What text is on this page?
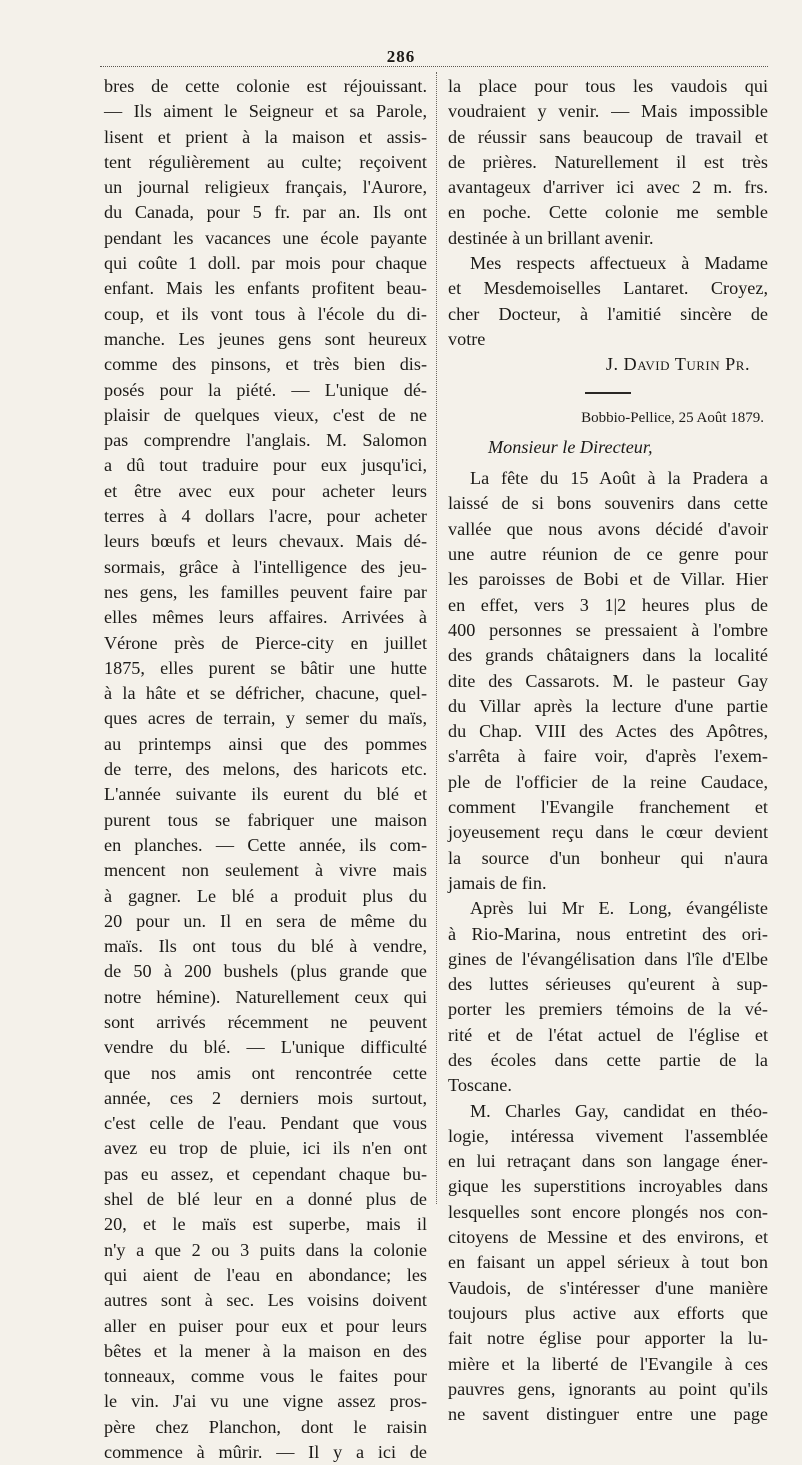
286

bres de cette colonie est réjouissant.
— Ils aiment le Seigneur et sa Parole,
lisent et prient à la maison et assis-
tent régulièrement au culte; reçoivent
un journal religieux français, l'Aurore,
du Canada, pour 5 fr. par an. Ils ont
pendant les vacances une école payante
qui coûte 1 doll. par mois pour chaque
enfant. Mais les enfants profitent beau-
coup, et ils vont tous à l'école du di-
manche. Les jeunes gens sont heureux
comme des pinsons, et très bien dis-
posés pour la piété. — L'unique dé-
plaisir de quelques vieux, c'est de ne
pas comprendre l'anglais. M. Salomon
a dû tout traduire pour eux jusqu'ici,
et être avec eux pour acheter leurs
terres à 4 dollars l'acre, pour acheter
leurs bœufs et leurs chevaux. Mais dé-
sormais, grâce à l'intelligence des jeu-
nes gens, les familles peuvent faire par
elles mêmes leurs affaires. Arrivées à
Vérone près de Pierce-city en juillet
1875, elles purent se bâtir une hutte
à la hâte et se défricher, chacune, quel-
ques acres de terrain, y semer du maïs,
au printemps ainsi que des pommes
de terre, des melons, des haricots etc.
L'année suivante ils eurent du blé et
purent tous se fabriquer une maison
en planches. — Cette année, ils com-
mencent non seulement à vivre mais
à gagner. Le blé a produit plus du
20 pour un. Il en sera de même du
maïs. Ils ont tous du blé à vendre,
de 50 à 200 bushels (plus grande que
notre hémine). Naturellement ceux qui
sont arrivés récemment ne peuvent
vendre du blé. — L'unique difficulté
que nos amis ont rencontrée cette
année, ces 2 derniers mois surtout,
c'est celle de l'eau. Pendant que vous
avez eu trop de pluie, ici ils n'en ont
pas eu assez, et cependant chaque bu-
shel de blé leur en a donné plus de
20, et le maïs est superbe, mais il
n'y a que 2 ou 3 puits dans la colonie
qui aient de l'eau en abondance; les
autres sont à sec. Les voisins doivent
aller en puiser pour eux et pour leurs
bêtes et la mener à la maison en des
tonneaux, comme vous le faites pour
le vin. J'ai vu une vigne assez pros-
père chez Planchon, dont le raisin
commence à mûrir. — Il y a ici de

la place pour tous les vaudois qui
voudraient y venir. — Mais impossible
de réussir sans beaucoup de travail et
de prières. Naturellement il est très
avantageux d'arriver ici avec 2 m. frs.
en poche. Cette colonie me semble
destinée à un brillant avenir.

Mes respects affectueux à Madame
et Mesdemoiselles Lantaret. Croyez,
cher Docteur, à l'amitié sincère de
votre

J. David Turin Pr.
Bobbio-Pellice, 25 Août 1879.
Monsieur le Directeur,

La fête du 15 Août à la Pradera a
laissé de si bons souvenirs dans cette
vallée que nous avons décidé d'avoir
une autre réunion de ce genre pour
les paroisses de Bobi et de Villar. Hier
en effet, vers 3 1|2 heures plus de
400 personnes se pressaient à l'ombre
des grands châtaigners dans la localité
dite des Cassarots. M. le pasteur Gay
du Villar après la lecture d'une partie
du Chap. VIII des Actes des Apôtres,
s'arrêta à faire voir, d'après l'exem-
ple de l'officier de la reine Caudace,
comment l'Evangile franchement et
joyeusement reçu dans le cœur devient
la source d'un bonheur qui n'aura
jamais de fin.

Après lui Mr E. Long, évangéliste
à Rio-Marina, nous entretint des ori-
gines de l'évangélisation dans l'île d'Elbe
des luttes sérieuses qu'eurent à sup-
porter les premiers témoins de la vé-
rité et de l'état actuel de l'église et
des écoles dans cette partie de la
Toscane.

M. Charles Gay, candidat en théo-
logie, intéressa vivement l'assemblée
en lui retraçant dans son langage éner-
gique les superstitions incroyables dans
lesquelles sont encore plongés nos con-
citoyens de Messine et des environs, et
en faisant un appel sérieux à tout bon
Vaudois, de s'intéresser d'une manière
toujours plus active aux efforts que
fait notre église pour apporter la lu-
mière et la liberté de l'Evangile à ces
pauvres gens, ignorants au point qu'ils
ne savent distinguer entre une page
